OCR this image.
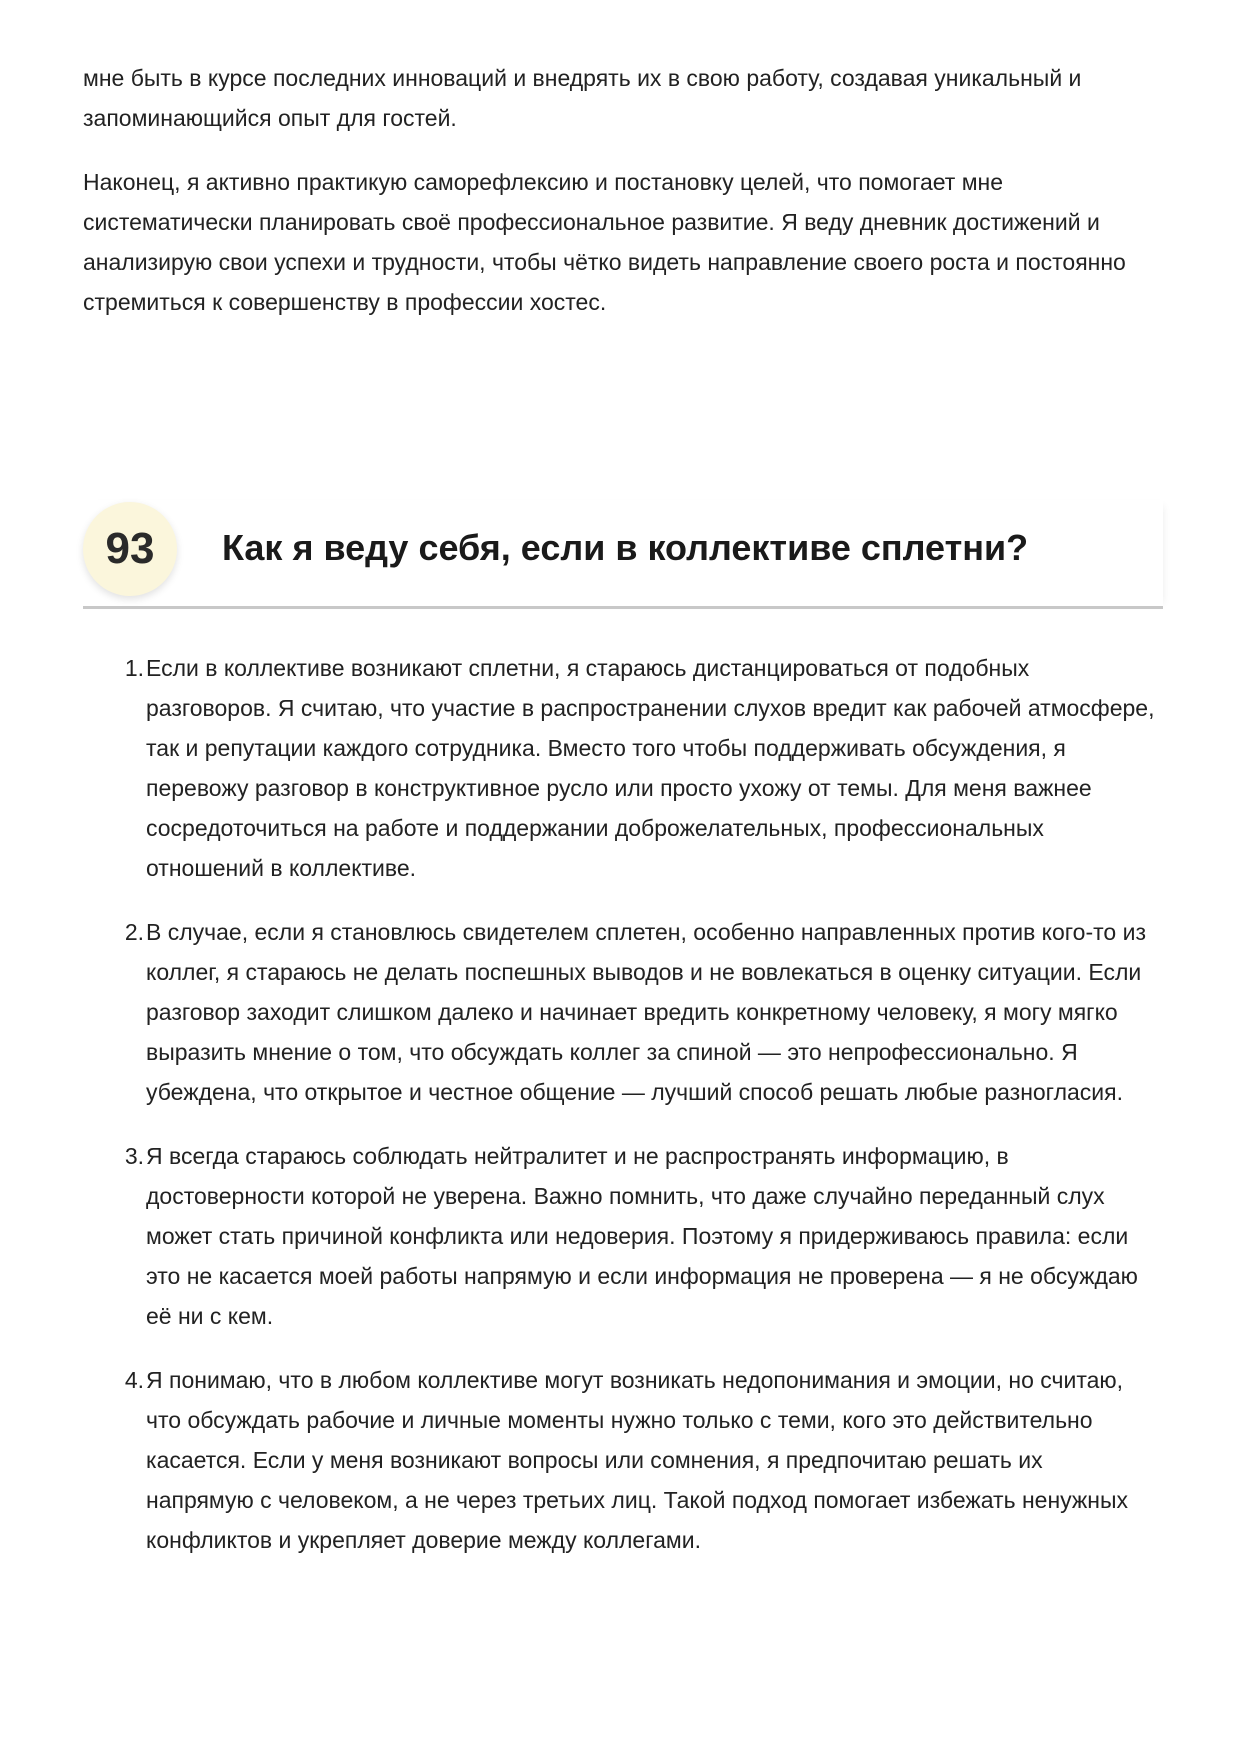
мне быть в курсе последних инноваций и внедрять их в свою работу, создавая уникальный и запоминающийся опыт для гостей.

Наконец, я активно практикую саморефлексию и постановку целей, что помогает мне систематически планировать своё профессиональное развитие. Я веду дневник достижений и анализирую свои успехи и трудности, чтобы чётко видеть направление своего роста и постоянно стремиться к совершенству в профессии хостес.

93	Как я веду себя, если в коллективе сплетни?
1. Если в коллективе возникают сплетни, я стараюсь дистанцироваться от подобных разговоров. Я считаю, что участие в распространении слухов вредит как рабочей атмосфере, так и репутации каждого сотрудника. Вместо того чтобы поддерживать обсуждения, я перевожу разговор в конструктивное русло или просто ухожу от темы. Для меня важнее сосредоточиться на работе и поддержании доброжелательных, профессиональных отношений в коллективе.
2. В случае, если я становлюсь свидетелем сплетен, особенно направленных против кого-то из коллег, я стараюсь не делать поспешных выводов и не вовлекаться в оценку ситуации. Если разговор заходит слишком далеко и начинает вредить конкретному человеку, я могу мягко выразить мнение о том, что обсуждать коллег за спиной — это непрофессионально. Я убеждена, что открытое и честное общение — лучший способ решать любые разногласия.
3. Я всегда стараюсь соблюдать нейтралитет и не распространять информацию, в достоверности которой не уверена. Важно помнить, что даже случайно переданный слух может стать причиной конфликта или недоверия. Поэтому я придерживаюсь правила: если это не касается моей работы напрямую и если информация не проверена — я не обсуждаю её ни с кем.
4. Я понимаю, что в любом коллективе могут возникать недопонимания и эмоции, но считаю, что обсуждать рабочие и личные моменты нужно только с теми, кого это действительно касается. Если у меня возникают вопросы или сомнения, я предпочитаю решать их напрямую с человеком, а не через третьих лиц. Такой подход помогает избежать ненужных конфликтов и укрепляет доверие между коллегами.
